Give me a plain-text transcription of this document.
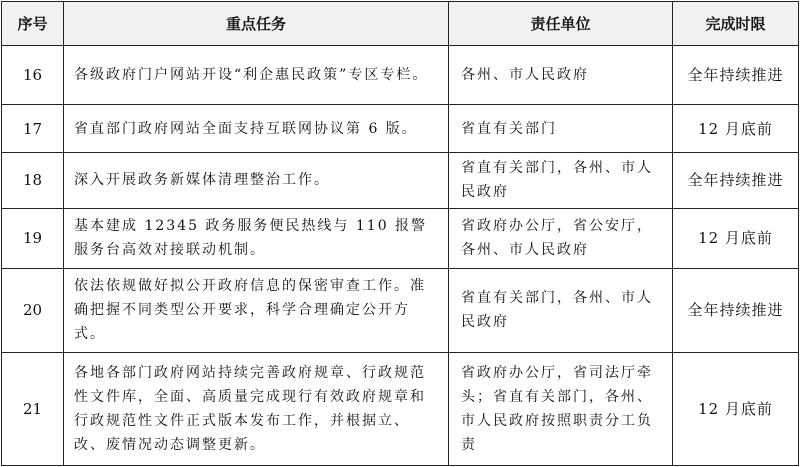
序号	重点任务	责任单位	完成时限
16	各级政府门户网站开设“利企惠民政策”专区专栏。	各州、市人民政府	全年持续推进
17	省直部门政府网站全面支持互联网协议第 6 版。	省直有关部门	12 月底前
18	深入开展政务新媒体清理整治工作。	省直有关部门，各州、市人民政府	全年持续推进
19	基本建成 12345 政务服务便民热线与 110 报警服务台高效对接联动机制。	省政府办公厅，省公安厅，各州、市人民政府	12 月底前
20	依法依规做好拟公开政府信息的保密审查工作。准确把握不同类型公开要求，科学合理确定公开方式。	省直有关部门，各州、市人民政府	全年持续推进
21	各地各部门政府网站持续完善政府规章、行政规范性文件库，全面、高质量完成现行有效政府规章和行政规范性文件正式版本发布工作，并根据立、改、废情况动态调整更新。	省政府办公厅，省司法厅牵头；省直有关部门，各州、市人民政府按照职责分工负责	12 月底前
